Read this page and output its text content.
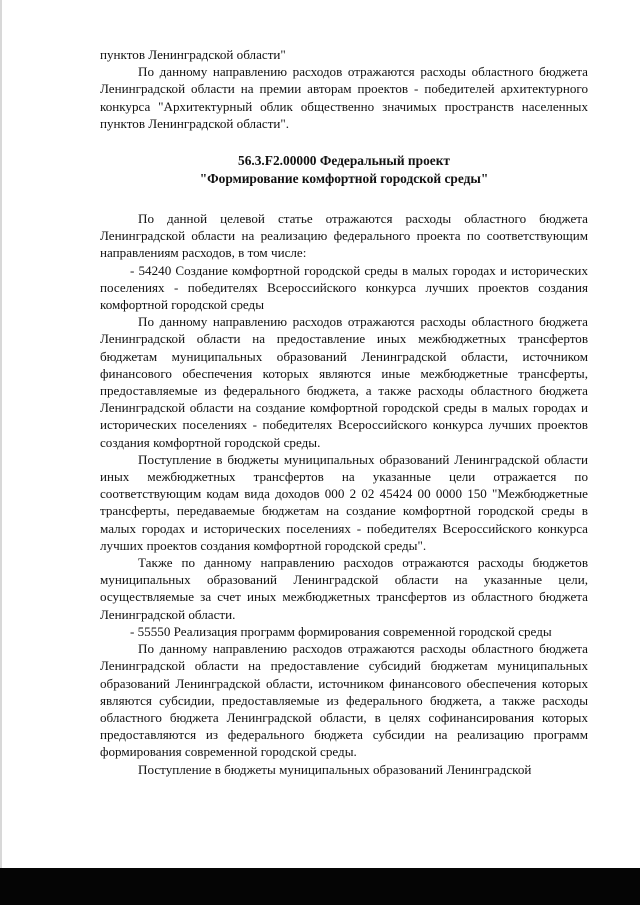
пунктов Ленинградской области"

По данному направлению расходов отражаются расходы областного бюджета Ленинградской области на премии авторам проектов - победителей архитектурного конкурса "Архитектурный облик общественно значимых пространств населенных пунктов Ленинградской области".

56.3.F2.00000 Федеральный проект
"Формирование комфортной городской среды"

По данной целевой статье отражаются расходы областного бюджета Ленинградской области на реализацию федерального проекта по соответствующим направлениям расходов, в том числе:

- 54240 Создание комфортной городской среды в малых городах и исторических поселениях - победителях Всероссийского конкурса лучших проектов создания комфортной городской среды

По данному направлению расходов отражаются расходы областного бюджета Ленинградской области на предоставление иных межбюджетных трансфертов бюджетам муниципальных образований Ленинградской области, источником финансового обеспечения которых являются иные межбюджетные трансферты, предоставляемые из федерального бюджета, а также расходы областного бюджета Ленинградской области на создание комфортной городской среды в малых городах и исторических поселениях - победителях Всероссийского конкурса лучших проектов создания комфортной городской среды.

Поступление в бюджеты муниципальных образований Ленинградской области иных межбюджетных трансфертов на указанные цели отражается по соответствующим кодам вида доходов 000 2 02 45424 00 0000 150 "Межбюджетные трансферты, передаваемые бюджетам на создание комфортной городской среды в малых городах и исторических поселениях - победителях Всероссийского конкурса лучших проектов создания комфортной городской среды".

Также по данному направлению расходов отражаются расходы бюджетов муниципальных образований Ленинградской области на указанные цели, осуществляемые за счет иных межбюджетных трансфертов из областного бюджета Ленинградской области.

- 55550 Реализация программ формирования современной городской среды

По данному направлению расходов отражаются расходы областного бюджета Ленинградской области на предоставление субсидий бюджетам муниципальных образований Ленинградской области, источником финансового обеспечения которых являются субсидии, предоставляемые из федерального бюджета, а также расходы областного бюджета Ленинградской области, в целях софинансирования которых предоставляются из федерального бюджета субсидии на реализацию программ формирования современной городской среды.

Поступление в бюджеты муниципальных образований Ленинградской
